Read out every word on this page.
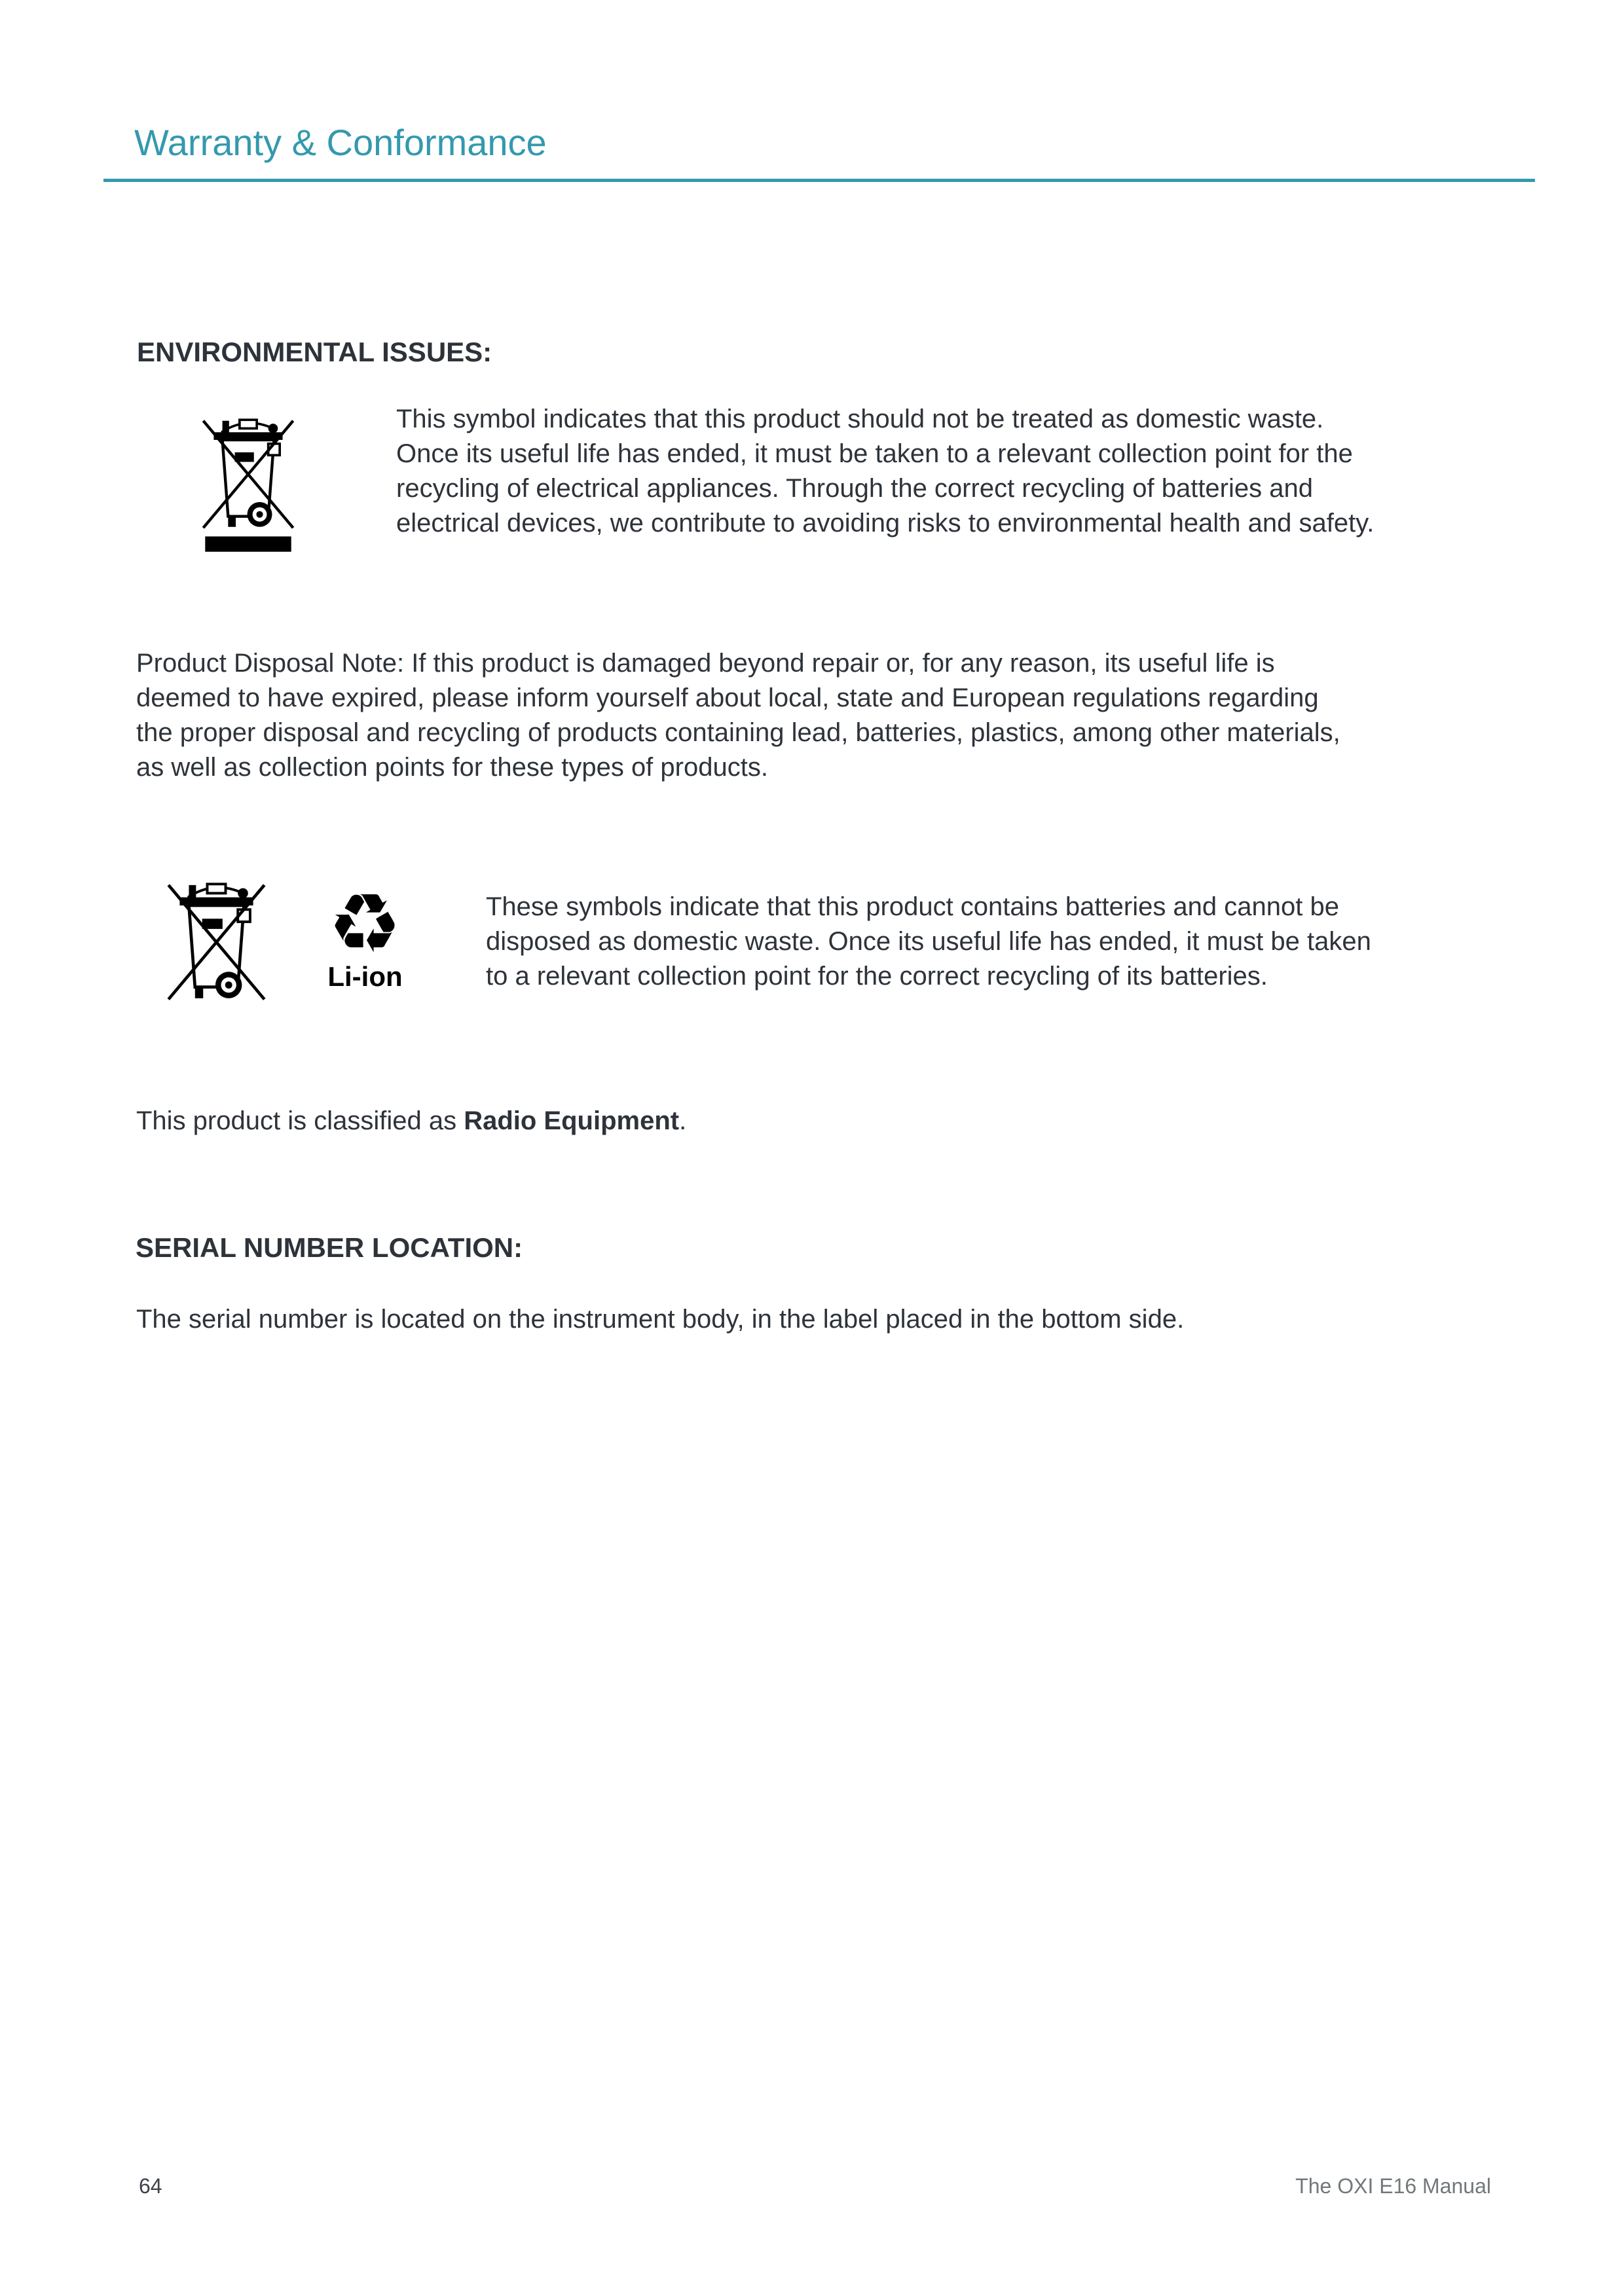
Warranty & Conformance
ENVIRONMENTAL ISSUES:
This symbol indicates that this product should not be treated as domestic waste.
Once its useful life has ended, it must be taken to a relevant collection point for the
recycling of electrical appliances. Through the correct recycling of batteries and
electrical devices, we contribute to avoiding risks to environmental health and safety.
Product Disposal Note: If this product is damaged beyond repair or, for any reason, its useful life is
deemed to have expired, please inform yourself about local, state and European regulations regarding
the proper disposal and recycling of products containing lead, batteries, plastics, among other materials,
as well as collection points for these types of products.
♻
Li-ion
These symbols indicate that this product contains batteries and cannot be
disposed as domestic waste. Once its useful life has ended, it must be taken
to a relevant collection point for the correct recycling of its batteries.
This product is classified as Radio Equipment.
SERIAL NUMBER LOCATION:
The serial number is located on the instrument body, in the label placed in the bottom side.
64	The OXI E16 Manual
